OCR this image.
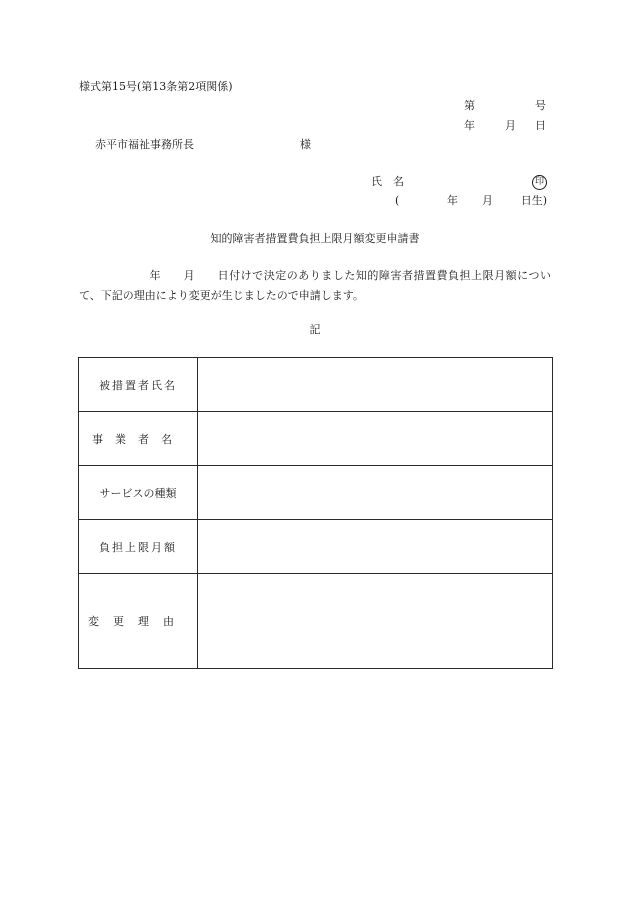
様式第15号(第13条第2項関係)
第	号
年	月 日
赤平市福祉事務所長	様
氏　名	印
(	年 月	日生)
知的障害者措置費負担上限月額変更申請書
年 月 日付けで決定のありました知的障害者措置費負担上限月額について、下記の理由により変更が生じましたので申請します。
記
被措置者氏名	
事業者名	
サービスの種類	
負担上限月額	
変更理由	
